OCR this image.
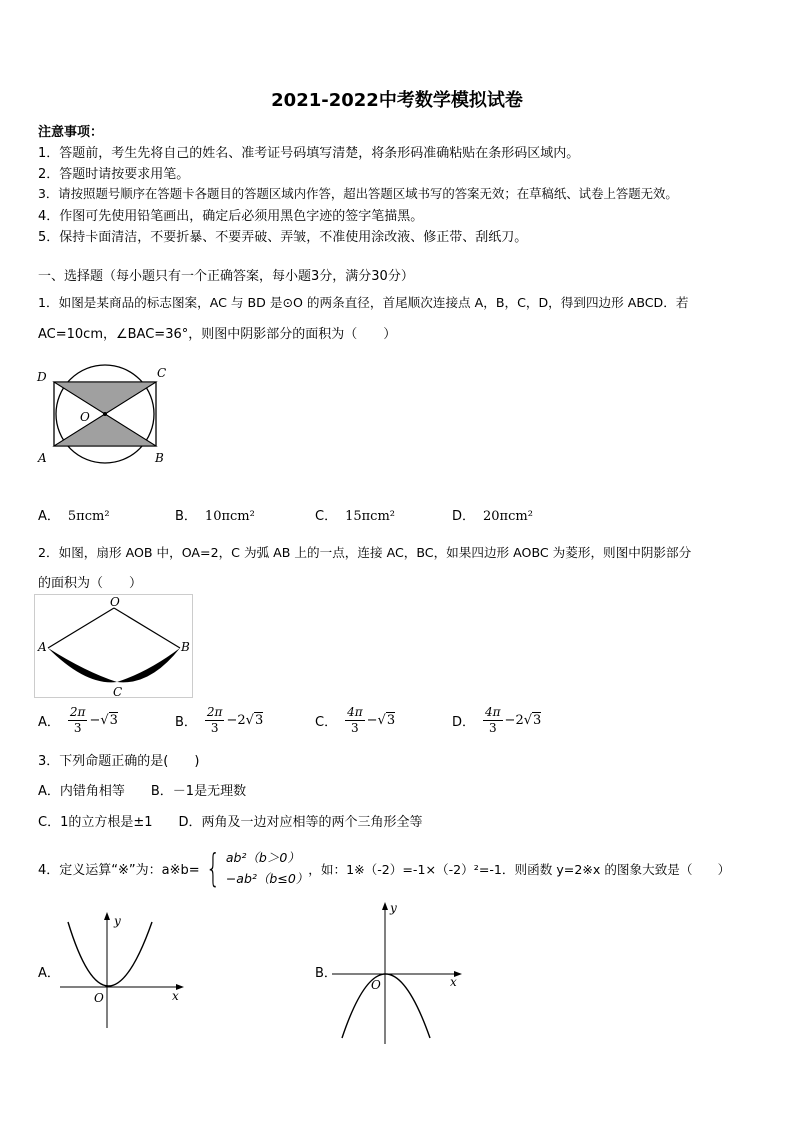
2021-2022中考数学模拟试卷
注意事项：
1．答题前，考生先将自己的姓名、准考证号码填写清楚，将条形码准确粘贴在条形码区域内。
2．答题时请按要求用笔。
3．请按照题号顺序在答题卡各题目的答题区域内作答，超出答题区域书写的答案无效；在草稿纸、试卷上答题无效。
4．作图可先使用铅笔画出，确定后必须用黑色字迹的签字笔描黑。
5．保持卡面清洁，不要折暴、不要弄破、弄皱，不准使用涂改液、修正带、刮纸刀。
一、选择题（每小题只有一个正确答案，每小题3分，满分30分）
1．如图是某商品的标志图案，AC 与 BD 是⊙O 的两条直径，首尾顺次连接点 A，B，C，D，得到四边形 ABCD．若
AC=10cm，∠BAC=36°，则图中阴影部分的面积为（　　）
D	C
O
A	B
A． 5πcm²	B． 10πcm²	C． 15πcm²	D． 20πcm²
2．如图，扇形 AOB 中，OA=2，C 为弧 AB 上的一点，连接 AC，BC，如果四边形 AOBC 为菱形，则图中阴影部分
的面积为（　　）
O
A	B
C
A． $\frac{2\pi}{3}$ − √ 3	B． $\frac{2\pi}{3} - 2$ √ 3	C． $\frac{4\pi}{3}$ − √ 3	D． $\frac{4\pi}{3} - 2$ √ 3
3．下列命题正确的是(　　)
A．内错角相等　　B．－1是无理数
C．1的立方根是±1　　D．两角及一边对应相等的两个三角形全等
4．定义运算“※”为：a※b= { ab²（b＞0）
−ab²（b≤0）
，如：1※（-2）=-1×（-2）²=-1．则函数 y=2※x 的图象大致是（　　）
A．
y
x
O
B．
y
x
O
